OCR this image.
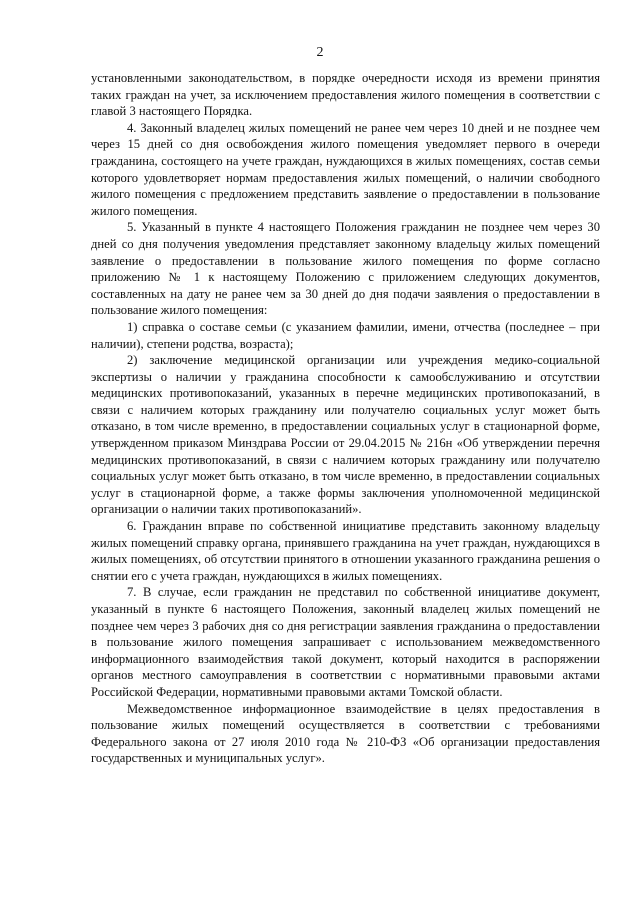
2

установленными законодательством, в порядке очередности исходя из времени принятия таких граждан на учет, за исключением предоставления жилого помещения в соответствии с главой 3 настоящего Порядка.

4. Законный владелец жилых помещений не ранее чем через 10 дней и не позднее чем через 15 дней со дня освобождения жилого помещения уведомляет первого в очереди гражданина, состоящего на учете граждан, нуждающихся в жилых помещениях, состав семьи которого удовлетворяет нормам предоставления жилых помещений, о наличии свободного жилого помещения с предложением представить заявление о предоставлении в пользование жилого помещения.

5. Указанный в пункте 4 настоящего Положения гражданин не позднее чем через 30 дней со дня получения уведомления представляет законному владельцу жилых помещений заявление о предоставлении в пользование жилого помещения по форме согласно приложению № 1 к настоящему Положению с приложением следующих документов, составленных на дату не ранее чем за 30 дней до дня подачи заявления о предоставлении в пользование жилого помещения:

1) справка о составе семьи (с указанием фамилии, имени, отчества (последнее – при наличии), степени родства, возраста);

2) заключение медицинской организации или учреждения медико-социальной экспертизы о наличии у гражданина способности к самообслуживанию и отсутствии медицинских противопоказаний, указанных в перечне медицинских противопоказаний, в связи с наличием которых гражданину или получателю социальных услуг может быть отказано, в том числе временно, в предоставлении социальных услуг в стационарной форме, утвержденном приказом Минздрава России от 29.04.2015 № 216н «Об утверждении перечня медицинских противопоказаний, в связи с наличием которых гражданину или получателю социальных услуг может быть отказано, в том числе временно, в предоставлении социальных услуг в стационарной форме, а также формы заключения уполномоченной медицинской организации о наличии таких противопоказаний».

6. Гражданин вправе по собственной инициативе представить законному владельцу жилых помещений справку органа, принявшего гражданина на учет граждан, нуждающихся в жилых помещениях, об отсутствии принятого в отношении указанного гражданина решения о снятии его с учета граждан, нуждающихся в жилых помещениях.

7. В случае, если гражданин не представил по собственной инициативе документ, указанный в пункте 6 настоящего Положения, законный владелец жилых помещений не позднее чем через 3 рабочих дня со дня регистрации заявления гражданина о предоставлении в пользование жилого помещения запрашивает с использованием межведомственного информационного взаимодействия такой документ, который находится в распоряжении органов местного самоуправления в соответствии с нормативными правовыми актами Российской Федерации, нормативными правовыми актами Томской области.

Межведомственное информационное взаимодействие в целях предоставления в пользование жилых помещений осуществляется в соответствии с требованиями Федерального закона от 27 июля 2010 года № 210-ФЗ «Об организации предоставления государственных и муниципальных услуг».
